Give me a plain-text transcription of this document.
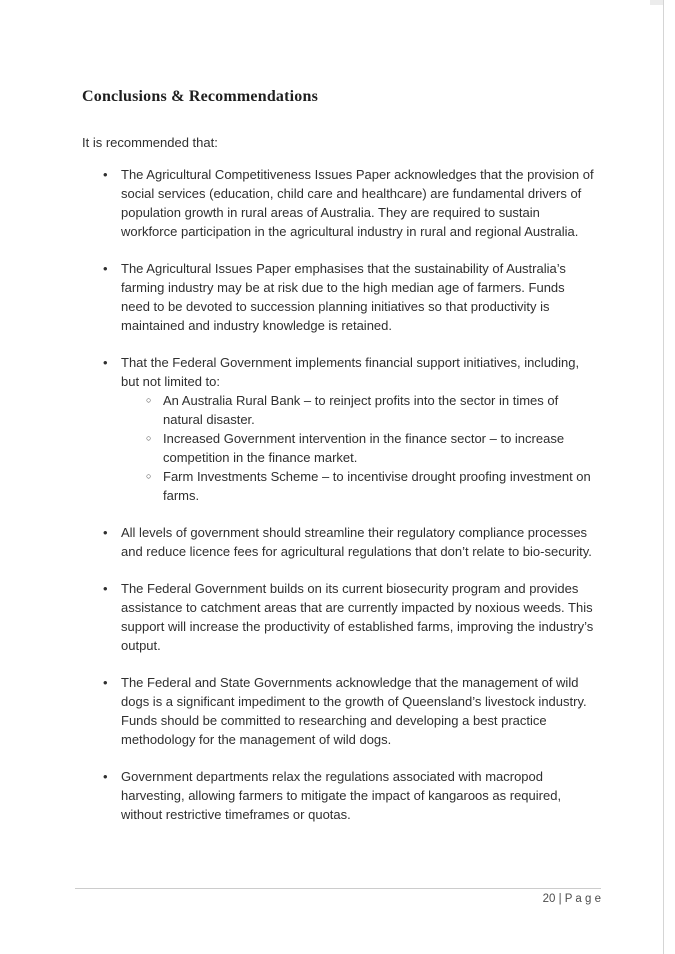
Conclusions & Recommendations
It is recommended that:
•	The Agricultural Competitiveness Issues Paper acknowledges that the provision of social services (education, child care and healthcare) are fundamental drivers of population growth in rural areas of Australia. They are required to sustain workforce participation in the agricultural industry in rural and regional Australia.
•	The Agricultural Issues Paper emphasises that the sustainability of Australia’s farming industry may be at risk due to the high median age of farmers. Funds need to be devoted to succession planning initiatives so that productivity is maintained and industry knowledge is retained.
•	That the Federal Government implements financial support initiatives, including, but not limited to:
○ An Australia Rural Bank – to reinject profits into the sector in times of natural disaster.
○ Increased Government intervention in the finance sector – to increase competition in the finance market.
○ Farm Investments Scheme – to incentivise drought proofing investment on farms.
•	All levels of government should streamline their regulatory compliance processes and reduce licence fees for agricultural regulations that don’t relate to bio-security.
•	The Federal Government builds on its current biosecurity program and provides assistance to catchment areas that are currently impacted by noxious weeds. This support will increase the productivity of established farms, improving the industry’s output.
•	The Federal and State Governments acknowledge that the management of wild dogs is a significant impediment to the growth of Queensland’s livestock industry. Funds should be committed to researching and developing a best practice methodology for the management of wild dogs.
•	Government departments relax the regulations associated with macropod harvesting, allowing farmers to mitigate the impact of kangaroos as required, without restrictive timeframes or quotas.
20 | P a g e
